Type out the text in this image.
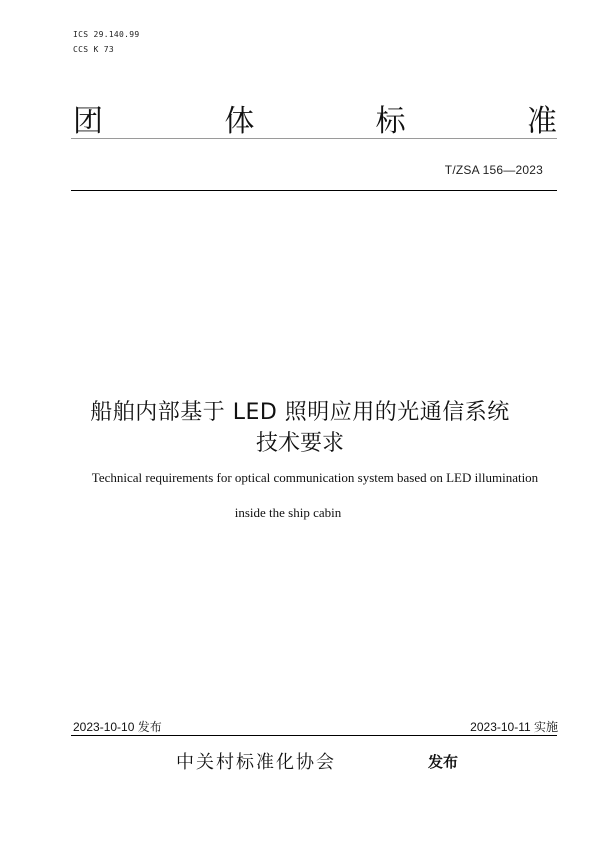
ICS 29.140.99
CCS K 73
团	体	标	准
T/ZSA 156—2023
船舶内部基于 LED 照明应用的光通信系统
技术要求
Technical requirements for optical communication system based on LED illumination
inside the ship cabin
2023-10-10 发布	2023-10-11 实施
中关村标准化协会	发布
